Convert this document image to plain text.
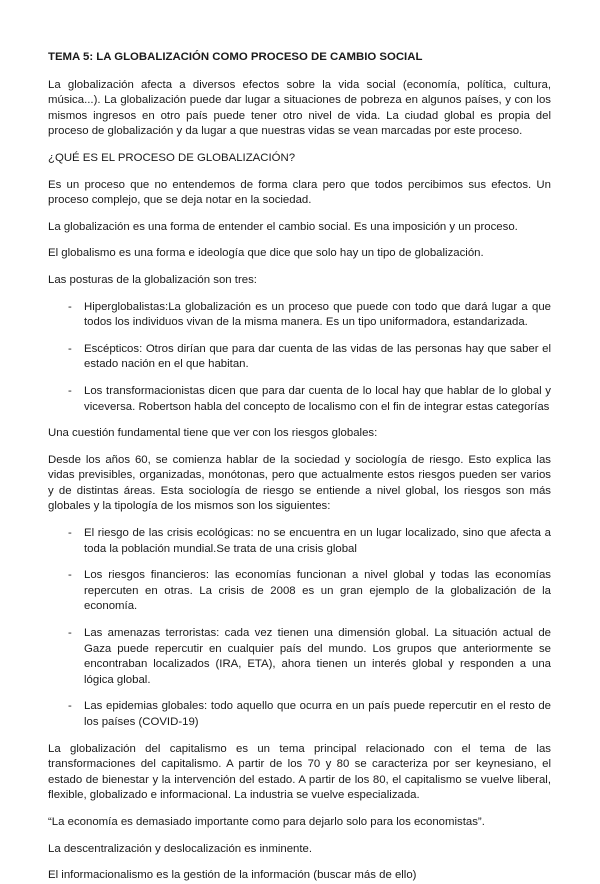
TEMA 5: LA GLOBALIZACIÓN COMO PROCESO DE CAMBIO SOCIAL

La globalización afecta a diversos efectos sobre la vida social (economía, política, cultura, música...). La globalización puede dar lugar a situaciones de pobreza en algunos países, y con los mismos ingresos en otro país puede tener otro nivel de vida. La ciudad global es propia del proceso de globalización y da lugar a que nuestras vidas se vean marcadas por este proceso.

¿QUÉ ES EL PROCESO DE GLOBALIZACIÓN?

Es un proceso que no entendemos de forma clara pero que todos percibimos sus efectos. Un proceso complejo, que se deja notar en la sociedad.

La globalización es una forma de entender el cambio social. Es una imposición y un proceso.

El globalismo es una forma e ideología que dice que solo hay un tipo de globalización.

Las posturas de la globalización son tres:

- Hiperglobalistas:La globalización es un proceso que puede con todo que dará lugar a que todos los individuos vivan de la misma manera. Es un tipo uniformadora, estandarizada.
- Escépticos: Otros dirían que para dar cuenta de las vidas de las personas hay que saber el estado nación en el que habitan.
- Los transformacionistas dicen que para dar cuenta de lo local hay que hablar de lo global y viceversa. Robertson habla del concepto de localismo con el fin de integrar estas categorías

Una cuestión fundamental tiene que ver con los riesgos globales:

Desde los años 60, se comienza hablar de la sociedad y sociología de riesgo. Esto explica las vidas previsibles, organizadas, monótonas, pero que actualmente estos riesgos pueden ser varios y de distintas áreas. Esta sociología de riesgo se entiende a nivel global, los riesgos son más globales y la tipología de los mismos son los siguientes:

- El riesgo de las crisis ecológicas: no se encuentra en un lugar localizado, sino que afecta a toda la población mundial.Se trata de una crisis global
- Los riesgos financieros: las economías funcionan a nivel global y todas las economías repercuten en otras. La crisis de 2008 es un gran ejemplo de la globalización de la economía.
- Las amenazas terroristas: cada vez tienen una dimensión global. La situación actual de Gaza puede repercutir en cualquier país del mundo. Los grupos que anteriormente se encontraban localizados (IRA, ETA), ahora tienen un interés global y responden a una lógica global.
- Las epidemias globales: todo aquello que ocurra en un país puede repercutir en el resto de los países (COVID-19)

La globalización del capitalismo es un tema principal relacionado con el tema de las transformaciones del capitalismo. A partir de los 70 y 80 se caracteriza por ser keynesiano, el estado de bienestar y la intervención del estado. A partir de los 80, el capitalismo se vuelve liberal, flexible, globalizado e informacional. La industria se vuelve especializada.

“La economía es demasiado importante como para dejarlo solo para los economistas”.

La descentralización y deslocalización es inminente.

El informacionalismo es la gestión de la información (buscar más de ello)
